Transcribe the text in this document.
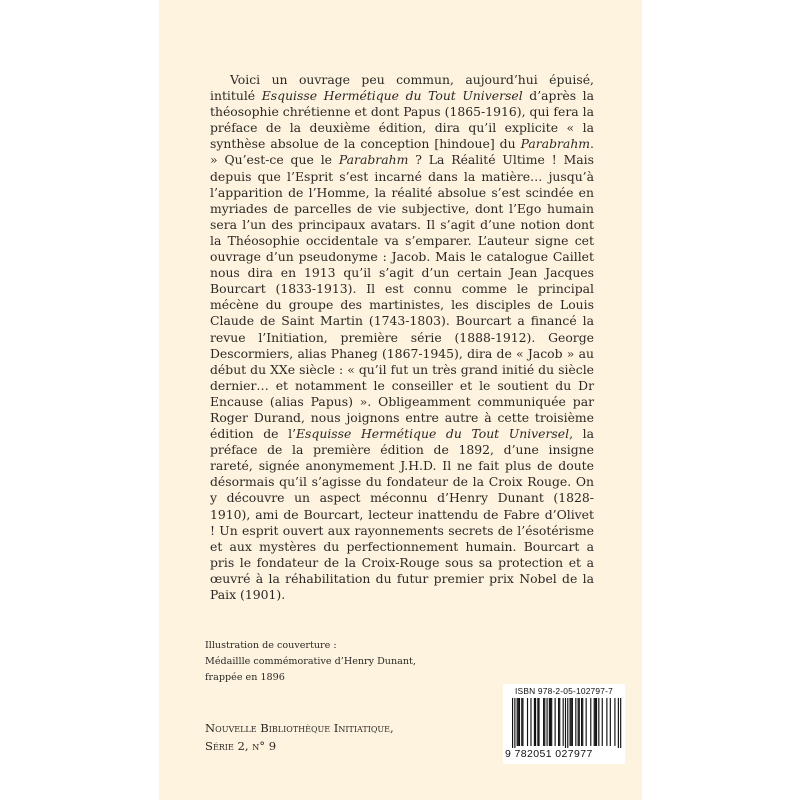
Voici un ouvrage peu commun, aujourd’hui épuisé, intitulé Esquisse Hermétique du Tout Universel d’après la théosophie chrétienne et dont Papus (1865-1916), qui fera la préface de la deuxième édition, dira qu’il explicite « la synthèse absolue de la conception [hindoue] du Parabrahm. » Qu’est-ce que le Parabrahm ? La Réalité Ultime ! Mais depuis que l’Esprit s’est incarné dans la matière… jusqu’à l’apparition de l’Homme, la réalité absolue s’est scindée en myriades de parcelles de vie subjective, dont l’Ego humain sera l’un des principaux avatars. Il s’agit d’une notion dont la Théosophie occidentale va s’emparer. L’auteur signe cet ouvrage d’un pseudonyme : Jacob. Mais le catalogue Caillet nous dira en 1913 qu’il s’agit d’un certain Jean Jacques Bourcart (1833-1913). Il est connu comme le principal mécène du groupe des martinistes, les disciples de Louis Claude de Saint Martin (1743-1803). Bourcart a financé la revue l’Initiation, première série (1888-1912). George Descormiers, alias Phaneg (1867-1945), dira de « Jacob » au début du XXe siècle : « qu’il fut un très grand initié du siècle dernier… et notamment le conseiller et le soutient du Dr Encause (alias Papus) ». Obligeamment communiquée par Roger Durand, nous joignons entre autre à cette troisième édition de l’Esquisse Hermétique du Tout Universel, la préface de la première édition de 1892, d’une insigne rareté, signée anonymement J.H.D. Il ne fait plus de doute désormais qu’il s’agisse du fondateur de la Croix Rouge. On y découvre un aspect méconnu d’Henry Dunant (1828-1910), ami de Bourcart, lecteur inattendu de Fabre d’Olivet ! Un esprit ouvert aux rayonnements secrets de l’ésotérisme et aux mystères du perfectionnement humain. Bourcart a pris le fondateur de la Croix-Rouge sous sa protection et a œuvré à la réhabilitation du futur premier prix Nobel de la Paix (1901).

Illustration de couverture :
Médaillle commémorative d’Henry Dunant,
frappée en 1896
Nouvelle Bibliothèque Initiatique,
Série 2, n° 9
ISBN 978-2-05-102797-7
9 782051 027977
